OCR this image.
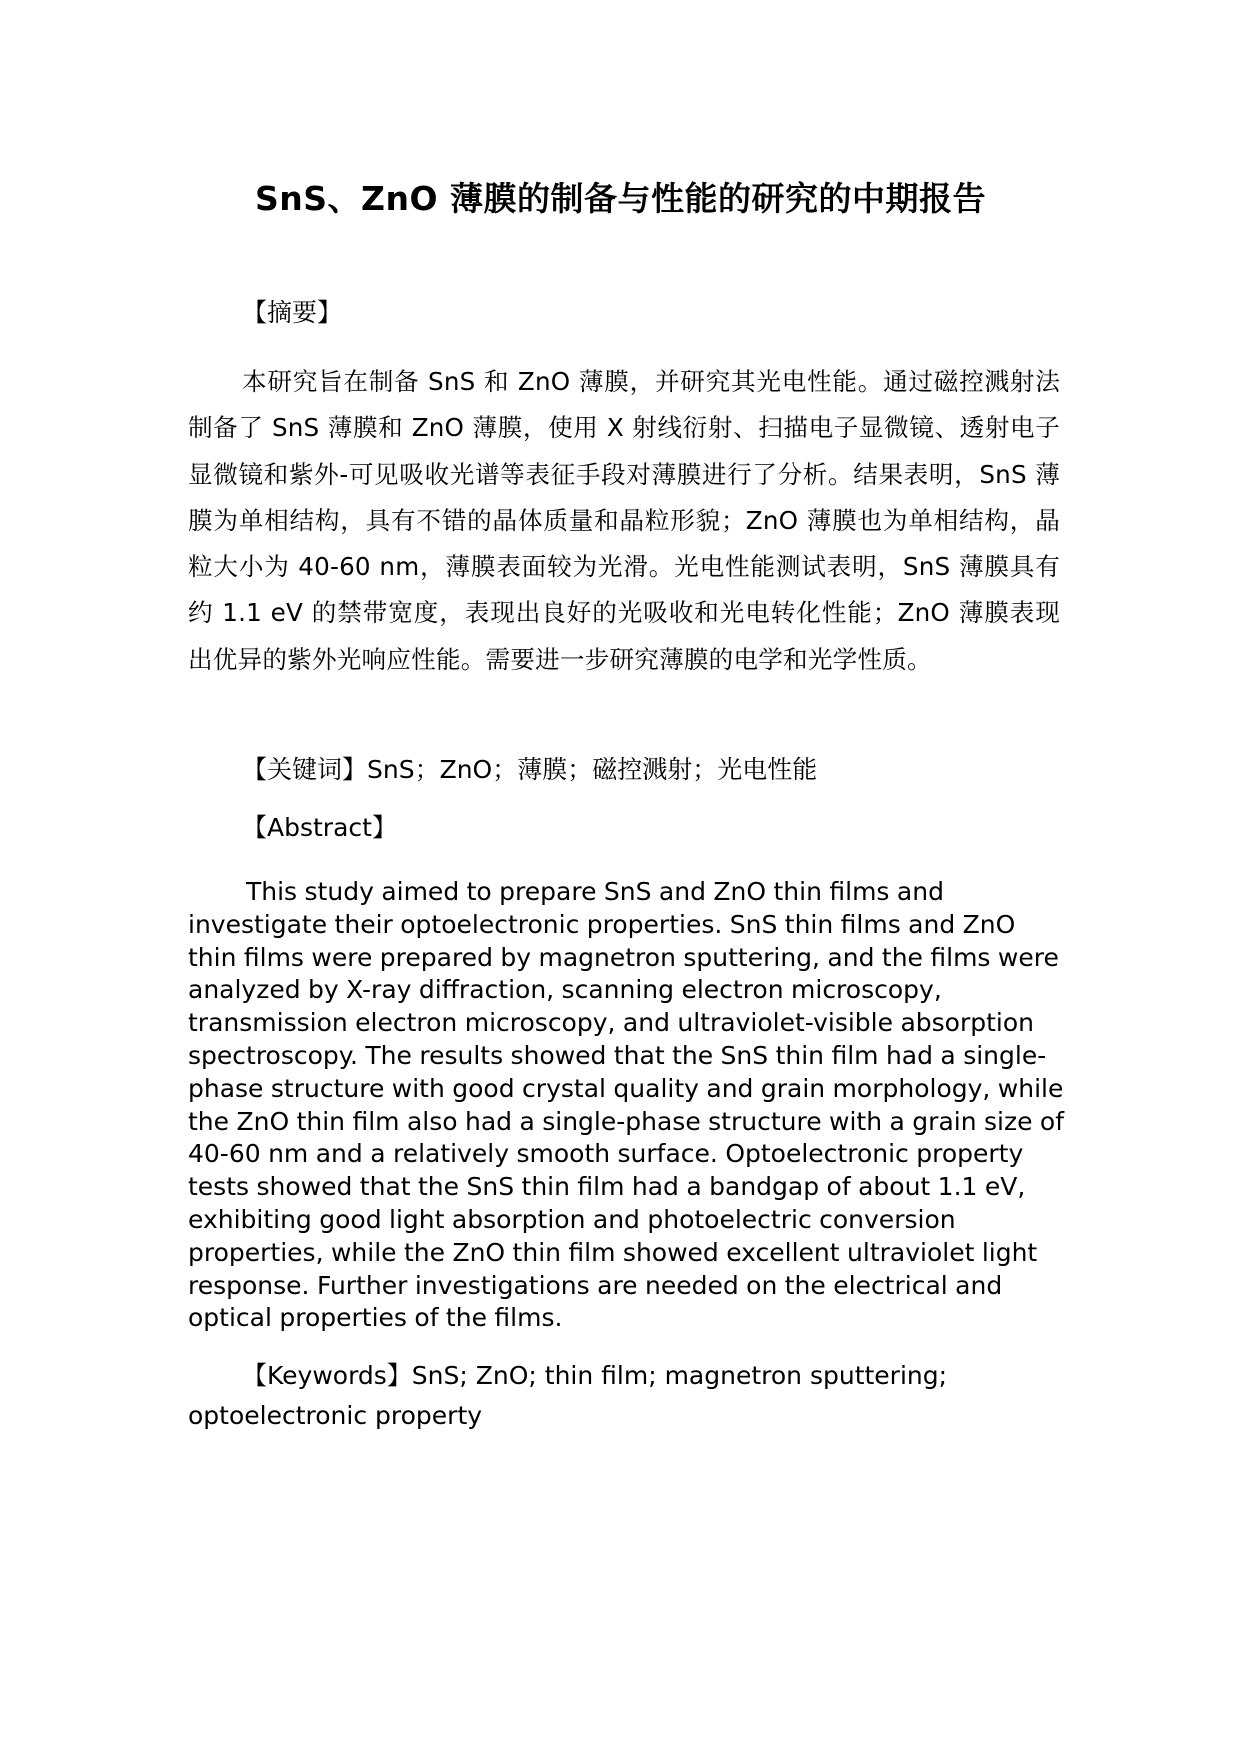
SnS、ZnO 薄膜的制备与性能的研究的中期报告
【摘要】

本研究旨在制备 SnS 和 ZnO 薄膜，并研究其光电性能。通过磁控溅射法制备了 SnS 薄膜和 ZnO 薄膜，使用 X 射线衍射、扫描电子显微镜、透射电子显微镜和紫外-可见吸收光谱等表征手段对薄膜进行了分析。结果表明，SnS 薄膜为单相结构，具有不错的晶体质量和晶粒形貌；ZnO 薄膜也为单相结构，晶粒大小为 40-60 nm，薄膜表面较为光滑。光电性能测试表明，SnS 薄膜具有约 1.1 eV 的禁带宽度，表现出良好的光吸收和光电转化性能；ZnO 薄膜表现出优异的紫外光响应性能。需要进一步研究薄膜的电学和光学性质。

【关键词】SnS；ZnO；薄膜；磁控溅射；光电性能
【Abstract】

This study aimed to prepare SnS and ZnO thin films and investigate their optoelectronic properties. SnS thin films and ZnO thin films were prepared by magnetron sputtering, and the films were analyzed by X-ray diffraction, scanning electron microscopy, transmission electron microscopy, and ultraviolet-visible absorption spectroscopy. The results showed that the SnS thin film had a single-phase structure with good crystal quality and grain morphology, while the ZnO thin film also had a single-phase structure with a grain size of 40-60 nm and a relatively smooth surface. Optoelectronic property tests showed that the SnS thin film had a bandgap of about 1.1 eV, exhibiting good light absorption and photoelectric conversion properties, while the ZnO thin film showed excellent ultraviolet light response. Further investigations are needed on the electrical and optical properties of the films.

【Keywords】SnS; ZnO; thin film; magnetron sputtering; optoelectronic property
